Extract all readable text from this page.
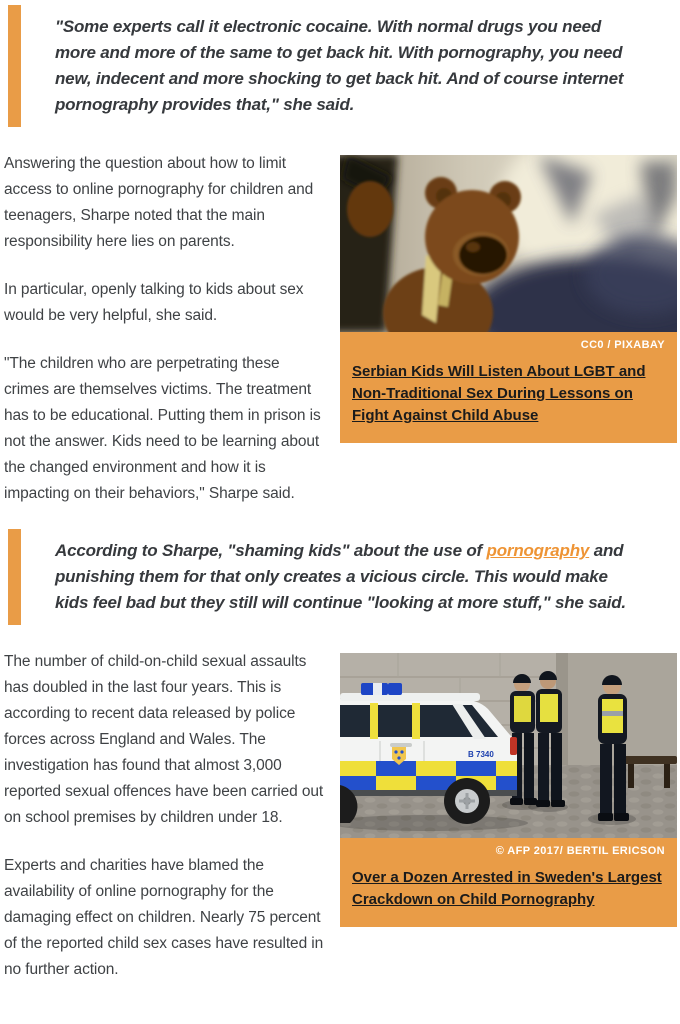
"Some experts call it electronic cocaine. With normal drugs you need more and more of the same to get back hit. With pornography, you need new, indecent and more shocking to get back hit. And of course internet pornography provides that," she said.

CC0 / PIXABAY
Serbian Kids Will Listen About LGBT and Non-Traditional Sex During Lessons on Fight Against Child Abuse

Answering the question about how to limit access to online pornography for children and teenagers, Sharpe noted that the main responsibility here lies on parents.

In particular, openly talking to kids about sex would be very helpful, she said.

"The children who are perpetrating these crimes are themselves victims. The treatment has to be educational. Putting them in prison is not the answer. Kids need to be learning about the changed environment and how it is impacting on their behaviors," Sharpe said.

According to Sharpe, "shaming kids" about the use of pornography and punishing them for that only creates a vicious circle. This would make kids feel bad but they still will continue "looking at more stuff," she said.

B 7340
© AFP 2017/ BERTIL ERICSON
Over a Dozen Arrested in Sweden's Largest Crackdown on Child Pornography

The number of child-on-child sexual assaults has doubled in the last four years. This is according to recent data released by police forces across England and Wales. The investigation has found that almost 3,000 reported sexual offences have been carried out on school premises by children under 18.

Experts and charities have blamed the availability of online pornography for the damaging effect on children. Nearly 75 percent of the reported child sex cases have resulted in no further action.
